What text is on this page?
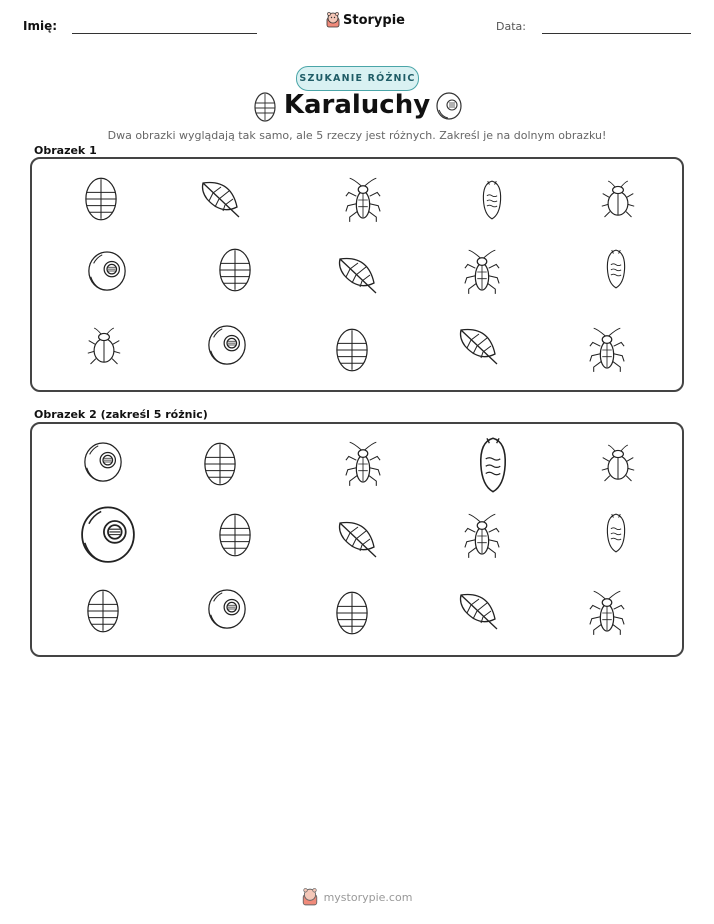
Imię:	Storypie	Data:
SZUKANIE RÓŻNIC
Karaluchy
Dwa obrazki wyglądają tak samo, ale 5 rzeczy jest różnych. Zakreśl je na dolnym obrazku!
Obrazek 1
Obrazek 2 (zakreśl 5 różnic)
mystorypie.com
